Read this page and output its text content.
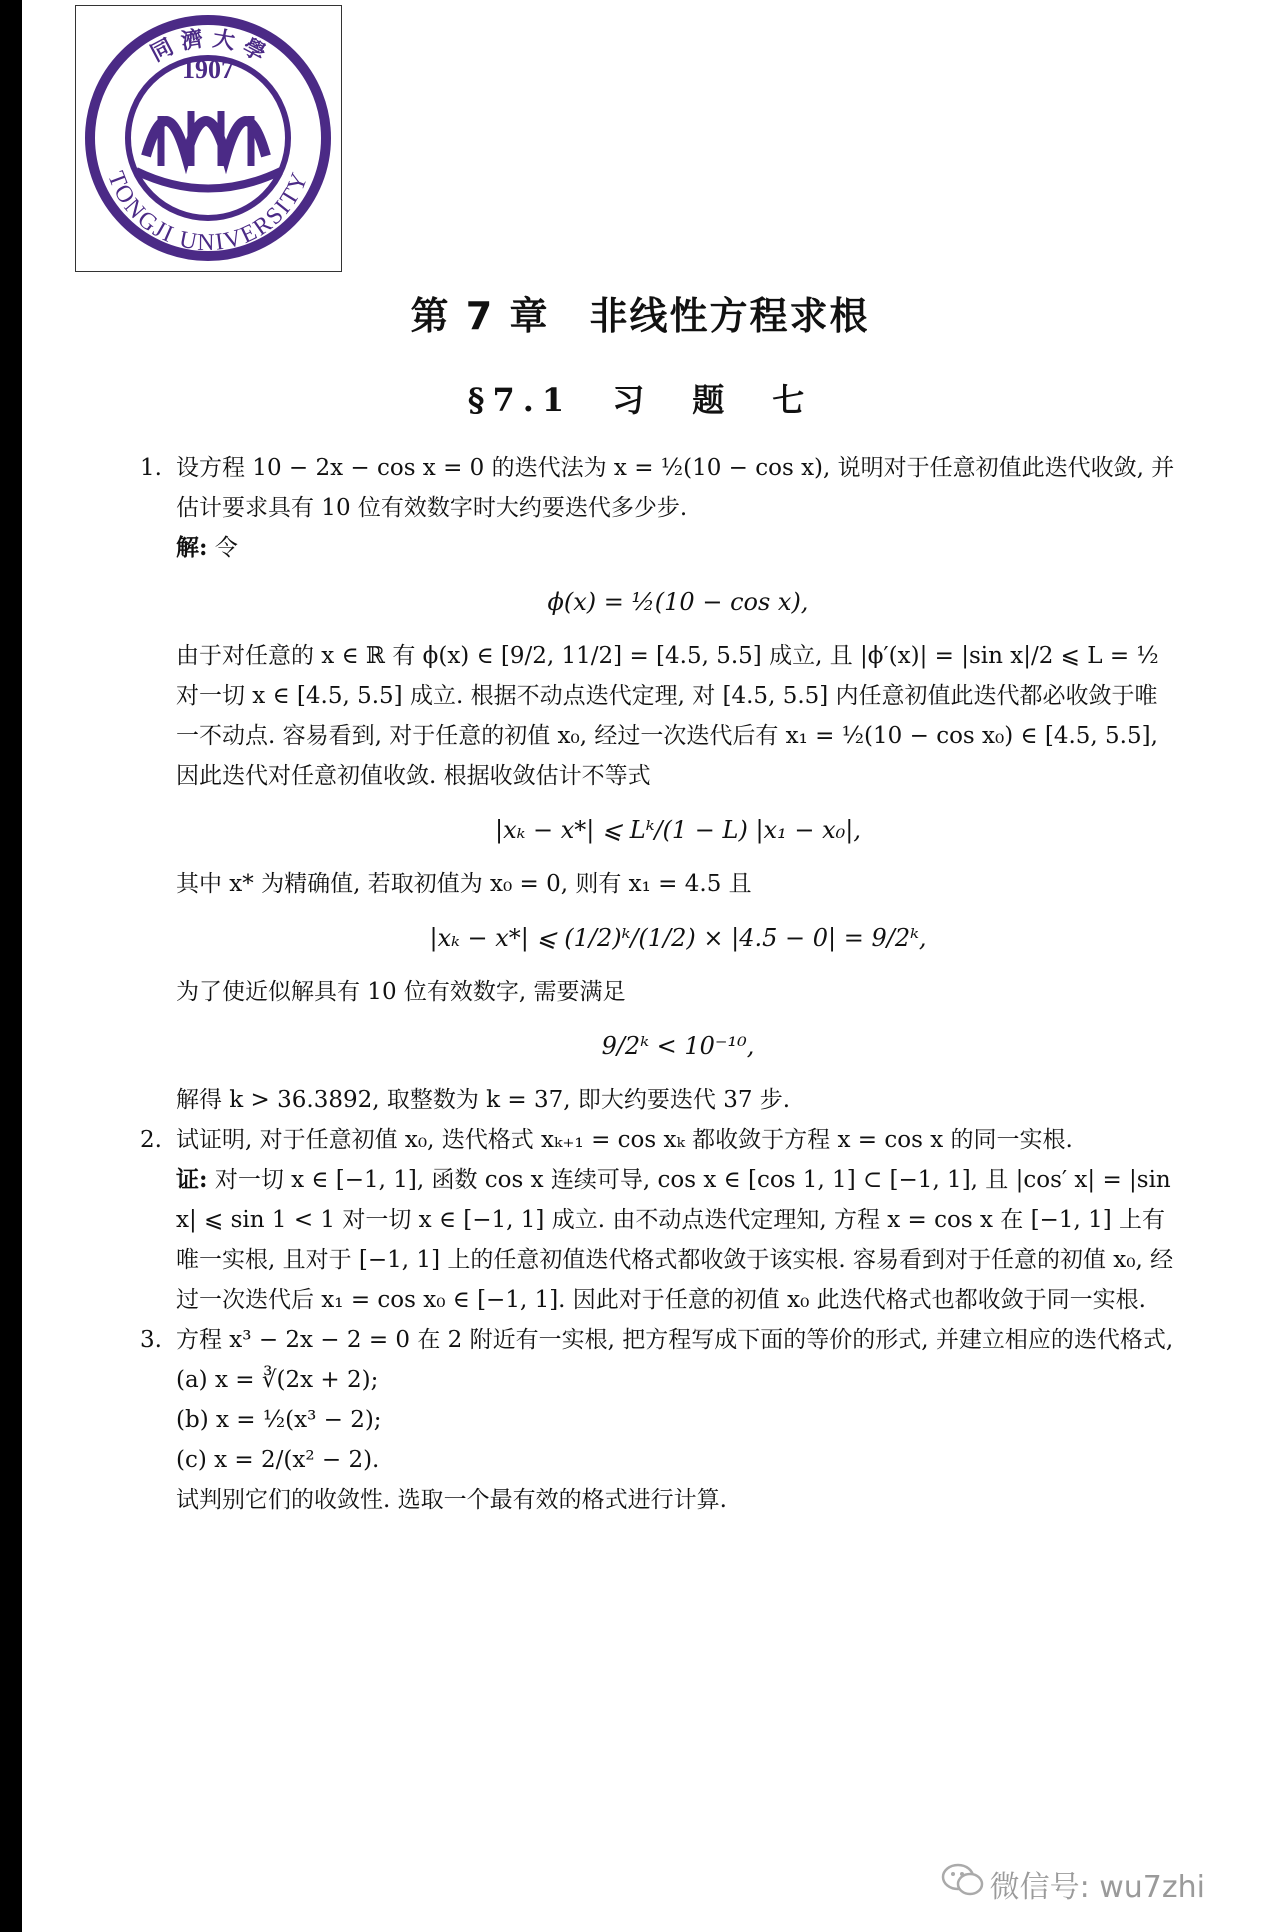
1907
同 濟 大 學
TONGJI UNIVERSITY
第 7 章　非线性方程求根
§7.1　习　题　七
1. 设方程 10 − 2x − cos x = 0 的迭代法为 x = ½(10 − cos x), 说明对于任意初值此迭代收敛, 并估计要求具有 10 位有效数字时大约要迭代多少步.
解: 令
ϕ(x) = ½(10 − cos x),
由于对任意的 x ∈ ℝ 有 ϕ(x) ∈ [9/2, 11/2] = [4.5, 5.5] 成立, 且 |ϕ′(x)| = |sin x|/2 ⩽ L = ½ 对一切 x ∈ [4.5, 5.5] 成立. 根据不动点迭代定理, 对 [4.5, 5.5] 内任意初值此迭代都必收敛于唯一不动点. 容易看到, 对于任意的初值 x₀, 经过一次迭代后有 x₁ = ½(10 − cos x₀) ∈ [4.5, 5.5], 因此迭代对任意初值收敛. 根据收敛估计不等式
|xₖ − x*| ⩽ Lᵏ/(1 − L) |x₁ − x₀|,
其中 x* 为精确值, 若取初值为 x₀ = 0, 则有 x₁ = 4.5 且
|xₖ − x*| ⩽ (1/2)ᵏ/(1/2) × |4.5 − 0| = 9/2ᵏ,
为了使近似解具有 10 位有效数字, 需要满足
9/2ᵏ < 10⁻¹⁰,
解得 k > 36.3892, 取整数为 k = 37, 即大约要迭代 37 步.
2. 试证明, 对于任意初值 x₀, 迭代格式 xₖ₊₁ = cos xₖ 都收敛于方程 x = cos x 的同一实根.
证: 对一切 x ∈ [−1, 1], 函数 cos x 连续可导, cos x ∈ [cos 1, 1] ⊂ [−1, 1], 且 |cos′ x| = |sin x| ⩽ sin 1 < 1 对一切 x ∈ [−1, 1] 成立. 由不动点迭代定理知, 方程 x = cos x 在 [−1, 1] 上有唯一实根, 且对于 [−1, 1] 上的任意初值迭代格式都收敛于该实根. 容易看到对于任意的初值 x₀, 经过一次迭代后 x₁ = cos x₀ ∈ [−1, 1]. 因此对于任意的初值 x₀ 此迭代格式也都收敛于同一实根.
3. 方程 x³ − 2x − 2 = 0 在 2 附近有一实根, 把方程写成下面的等价的形式, 并建立相应的迭代格式,
(a) x = ∛(2x + 2);
(b) x = ½(x³ − 2);
(c) x = 2/(x² − 2).
试判别它们的收敛性. 选取一个最有效的格式进行计算.
微信号: wu7zhi
